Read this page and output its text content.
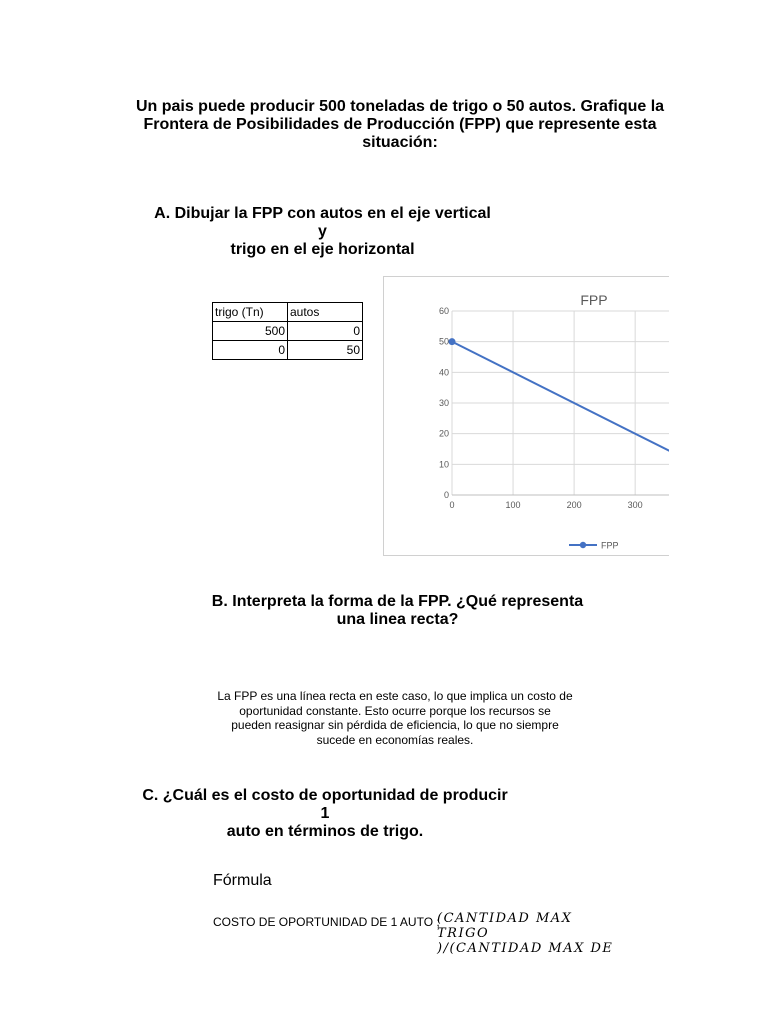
Un pais puede producir 500 toneladas de trigo o 50 autos. Grafique la
Frontera de Posibilidades de Producción (FPP) que represente esta
situación:
A. Dibujar la FPP con autos en el eje vertical y
trigo en el eje horizontal
trigo (Tn)	autos
500	0
0	50
FPP
0
10
20
30
40
50
60
0	100	200	300
FPP
B. Interpreta la forma de la FPP. ¿Qué representa
una linea recta?
La FPP es una línea recta en este caso, lo que implica un costo de
oportunidad constante. Esto ocurre porque los recursos se
pueden reasignar sin pérdida de eficiencia, lo que no siempre
sucede en economías reales.
C. ¿Cuál es el costo de oportunidad de producir 1
auto en términos de trigo.
Fórmula
COSTO DE OPORTUNIDAD DE 1 AUTO ;
(CANTIDAD MAX
TRIGO
)/(CANTIDAD MAX DE
